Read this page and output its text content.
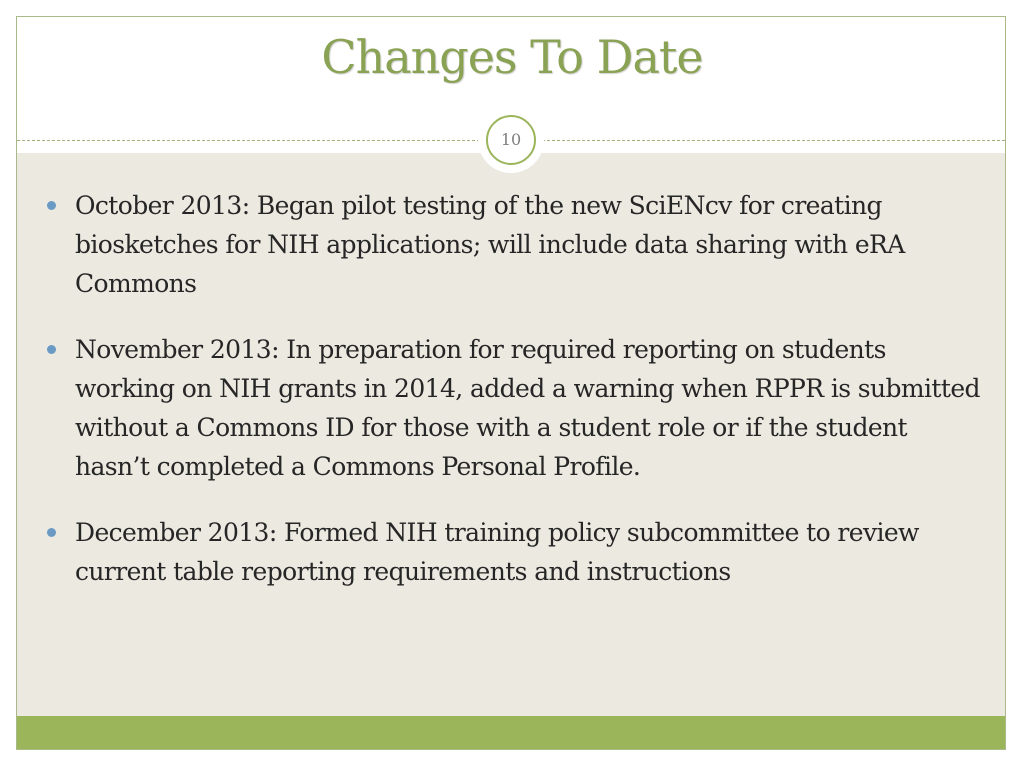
Changes To Date
10
October 2013: Began pilot testing of the new SciENcv for creating biosketches for NIH applications; will include data sharing with eRA Commons
November 2013: In preparation for required reporting on students working on NIH grants in 2014, added a warning when RPPR is submitted without a Commons ID for those with a student role or if the student hasn’t completed a Commons Personal Profile.
December 2013: Formed NIH training policy subcommittee to review current table reporting requirements and instructions
